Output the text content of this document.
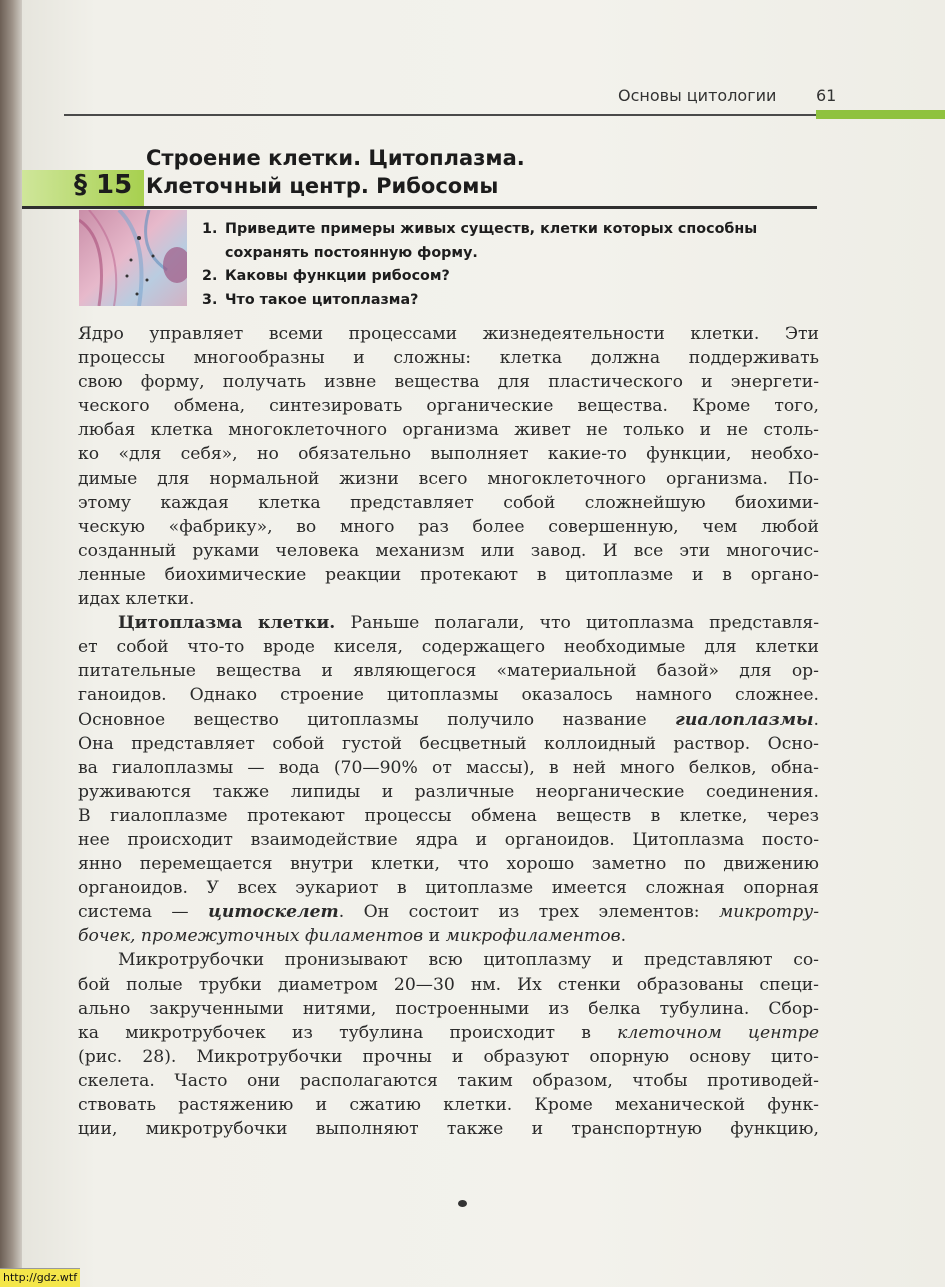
Основы цитологии 61
§ 15
Строение клетки. Цитоплазма.
Клеточный центр. Рибосомы
1. Приведите примеры живых существ, клетки которых способны
сохранять постоянную форму.
2. Каковы функции рибосом?
3. Что такое цитоплазма?
Ядро управляет всеми процессами жизнедеятельности клетки. Эти
процессы многообразны и сложны: клетка должна поддерживать
свою форму, получать извне вещества для пластического и энергети-
ческого обмена, синтезировать органические вещества. Кроме того,
любая клетка многоклеточного организма живет не только и не столь-
ко «для себя», но обязательно выполняет какие-то функции, необхо-
димые для нормальной жизни всего многоклеточного организма. По-
этому каждая клетка представляет собой сложнейшую биохими-
ческую «фабрику», во много раз более совершенную, чем любой
созданный руками человека механизм или завод. И все эти многочис-
ленные биохимические реакции протекают в цитоплазме и в органо-
идах клетки.
Цитоплазма клетки. Раньше полагали, что цитоплазма представля-
ет собой что-то вроде киселя, содержащего необходимые для клетки
питательные вещества и являющегося «материальной базой» для ор-
ганоидов. Однако строение цитоплазмы оказалось намного сложнее.
Основное вещество цитоплазмы получило название гиалоплазмы.
Она представляет собой густой бесцветный коллоидный раствор. Осно-
ва гиалоплазмы — вода (70—90% от массы), в ней много белков, обна-
руживаются также липиды и различные неорганические соединения.
В гиалоплазме протекают процессы обмена веществ в клетке, через
нее происходит взаимодействие ядра и органоидов. Цитоплазма посто-
янно перемещается внутри клетки, что хорошо заметно по движению
органоидов. У всех эукариот в цитоплазме имеется сложная опорная
система — цитоскелет. Он состоит из трех элементов: микротру-
бочек, промежуточных филаментов и микрофиламентов.
Микротрубочки пронизывают всю цитоплазму и представляют со-
бой полые трубки диаметром 20—30 нм. Их стенки образованы специ-
ально закрученными нитями, построенными из белка тубулина. Сбор-
ка микротрубочек из тубулина происходит в клеточном центре
(рис. 28). Микротрубочки прочны и образуют опорную основу цито-
скелета. Часто они располагаются таким образом, чтобы противодей-
ствовать растяжению и сжатию клетки. Кроме механической функ-
ции, микротрубочки выполняют также и транспортную функцию,
http://gdz.wtf
